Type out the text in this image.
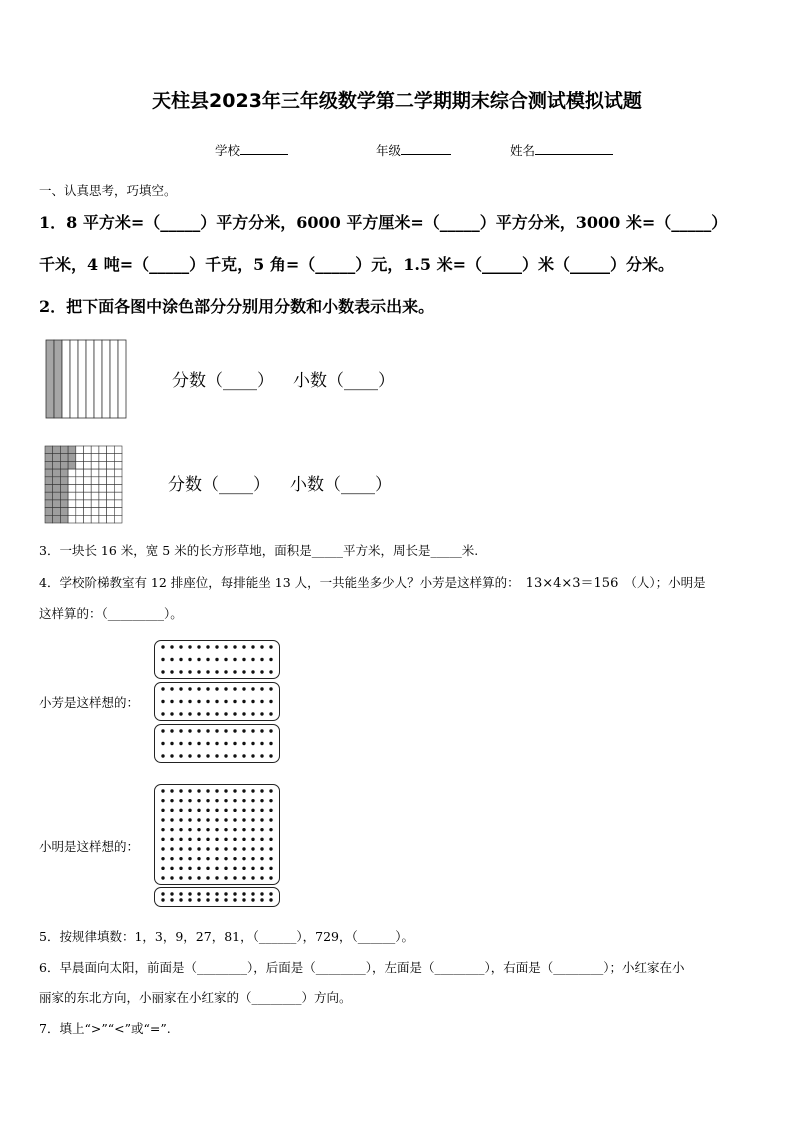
天柱县2023年三年级数学第二学期期末综合测试模拟试题
学校	年级	姓名
一、认真思考，巧填空。
1．8 平方米=（_____）平方分米，6000 平方厘米=（_____）平方分米，3000 米=（_____）
千米，4 吨=（_____）千克，5 角=（_____）元，1.5 米=（_____）米（_____）分米。
2．把下面各图中涂色部分分别用分数和小数表示出来。
分数（____） 小数（____）
分数（____） 小数（____）
3．一块长 16 米，宽 5 米的长方形草地，面积是_____平方米，周长是_____米.
4．学校阶梯教室有 12 排座位，每排能坐 13 人，一共能坐多少人？小芳是这样算的： 13×4×3＝156 （人）；小明是
这样算的：（_________）。
小芳是这样想的：
小明是这样想的：
5．按规律填数：1，3，9，27，81，（______），729，（______）。
6．早晨面向太阳，前面是（________），后面是（________），左面是（________），右面是（________）；小红家在小
丽家的东北方向，小丽家在小红家的（________）方向。
7．填上“>”“<”或“=”.
